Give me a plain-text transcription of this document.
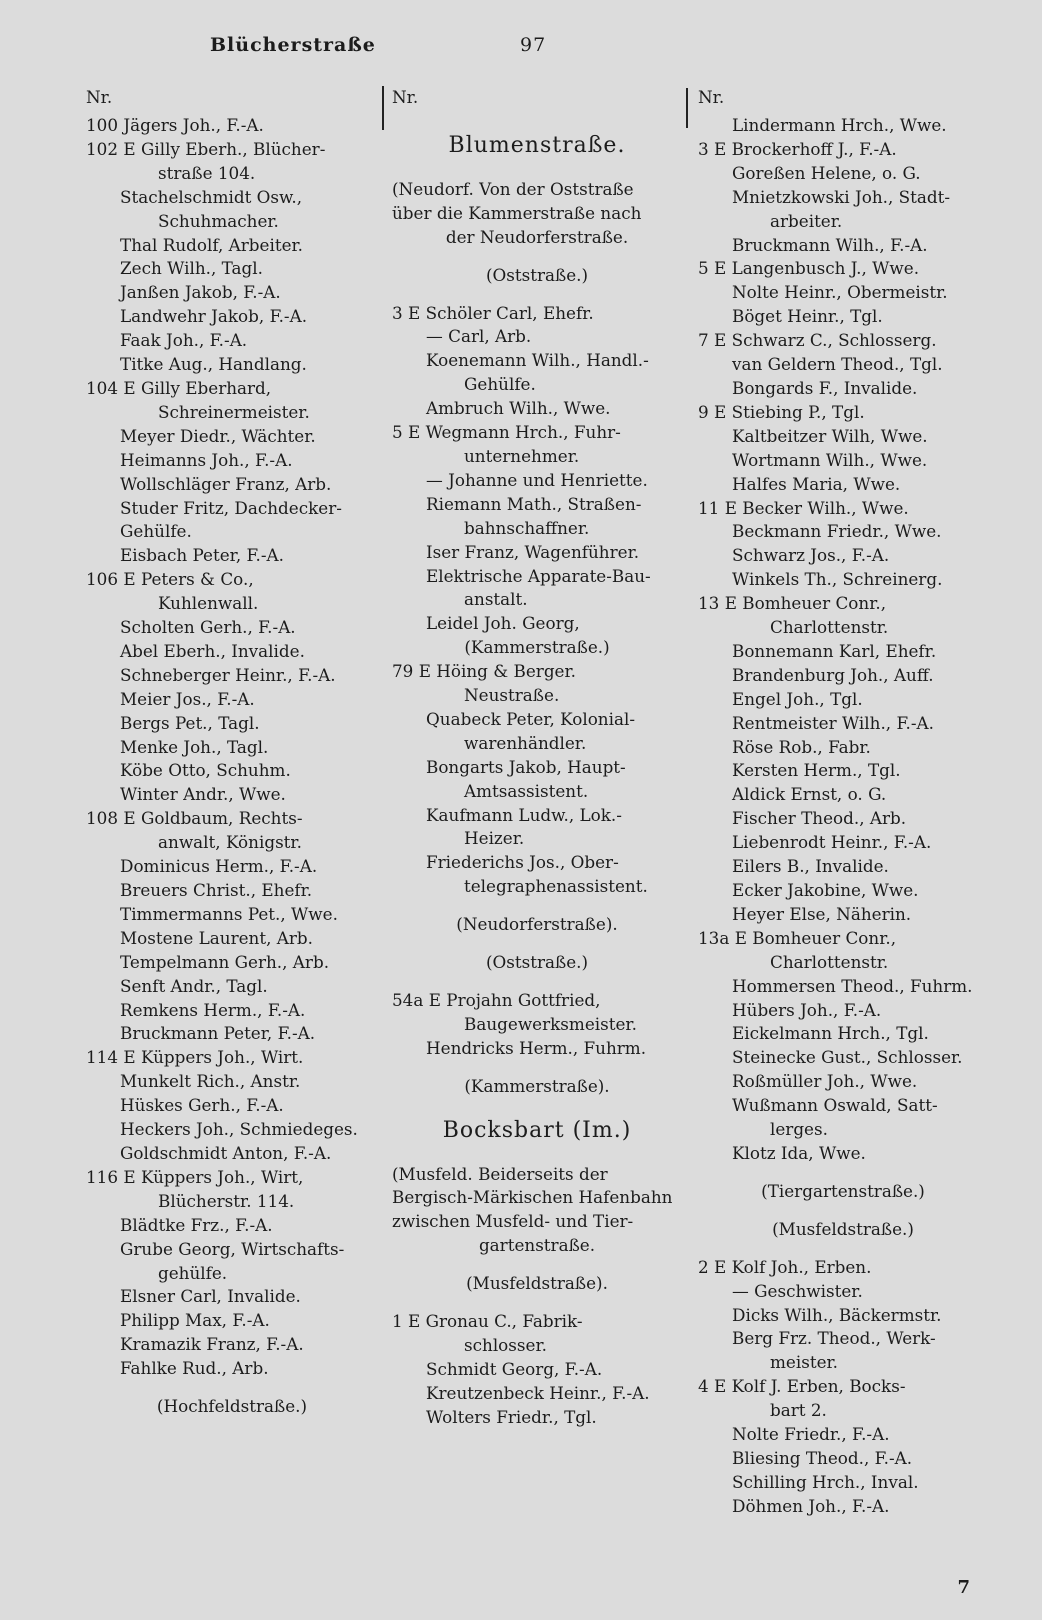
Blücherstraße	97
Nr.
100 Jägers Joh., F.-A.
102 E Gilly Eberh., Blücher-
straße 104.
Stachelschmidt Osw.,
Schuhmacher.
Thal Rudolf, Arbeiter.
Zech Wilh., Tagl.
Janßen Jakob, F.-A.
Landwehr Jakob, F.-A.
Faak Joh., F.-A.
Titke Aug., Handlang.
104 E Gilly Eberhard,
Schreinermeister.
Meyer Diedr., Wächter.
Heimanns Joh., F.-A.
Wollschläger Franz, Arb.
Studer Fritz, Dachdecker-
Gehülfe.
Eisbach Peter, F.-A.
106 E Peters & Co.,
Kuhlenwall.
Scholten Gerh., F.-A.
Abel Eberh., Invalide.
Schneberger Heinr., F.-A.
Meier Jos., F.-A.
Bergs Pet., Tagl.
Menke Joh., Tagl.
Köbe Otto, Schuhm.
Winter Andr., Wwe.
108 E Goldbaum, Rechts-
anwalt, Königstr.
Dominicus Herm., F.-A.
Breuers Christ., Ehefr.
Timmermanns Pet., Wwe.
Mostene Laurent, Arb.
Tempelmann Gerh., Arb.
Senft Andr., Tagl.
Remkens Herm., F.-A.
Bruckmann Peter, F.-A.
114 E Küppers Joh., Wirt.
Munkelt Rich., Anstr.
Hüskes Gerh., F.-A.
Heckers Joh., Schmiedeges.
Goldschmidt Anton, F.-A.
116 E Küppers Joh., Wirt,
Blücherstr. 114.
Blädtke Frz., F.-A.
Grube Georg, Wirtschafts-
gehülfe.
Elsner Carl, Invalide.
Philipp Max, F.-A.
Kramazik Franz, F.-A.
Fahlke Rud., Arb.
(Hochfeldstraße.)
Nr.
Blumenstraße.
(Neudorf. Von der Oststraße
über die Kammerstraße nach
der Neudorferstraße.
(Oststraße.)
3 E Schöler Carl, Ehefr.
— Carl, Arb.
Koenemann Wilh., Handl.-
Gehülfe.
Ambruch Wilh., Wwe.
5 E Wegmann Hrch., Fuhr-
unternehmer.
— Johanne und Henriette.
Riemann Math., Straßen-
bahnschaffner.
Iser Franz, Wagenführer.
Elektrische Apparate-Bau-
anstalt.
Leidel Joh. Georg,
(Kammerstraße.)
79 E Höing & Berger.
Neustraße.
Quabeck Peter, Kolonial-
warenhändler.
Bongarts Jakob, Haupt-
Amtsassistent.
Kaufmann Ludw., Lok.-
Heizer.
Friederichs Jos., Ober-
telegraphenassistent.
(Neudorferstraße).
(Oststraße.)
54a E Projahn Gottfried,
Baugewerksmeister.
Hendricks Herm., Fuhrm.
(Kammerstraße).
Bocksbart (Im.)
(Musfeld. Beiderseits der
Bergisch-Märkischen Hafenbahn
zwischen Musfeld- und Tier-
gartenstraße.
(Musfeldstraße).
1 E Gronau C., Fabrik-
schlosser.
Schmidt Georg, F.-A.
Kreutzenbeck Heinr., F.-A.
Wolters Friedr., Tgl.
Nr.
Lindermann Hrch., Wwe.
3 E Brockerhoff J., F.-A.
Goreßen Helene, o. G.
Mnietzkowski Joh., Stadt-
arbeiter.
Bruckmann Wilh., F.-A.
5 E Langenbusch J., Wwe.
Nolte Heinr., Obermeistr.
Böget Heinr., Tgl.
7 E Schwarz C., Schlosserg.
van Geldern Theod., Tgl.
Bongards F., Invalide.
9 E Stiebing P., Tgl.
Kaltbeitzer Wilh, Wwe.
Wortmann Wilh., Wwe.
Halfes Maria, Wwe.
11 E Becker Wilh., Wwe.
Beckmann Friedr., Wwe.
Schwarz Jos., F.-A.
Winkels Th., Schreinerg.
13 E Bomheuer Conr.,
Charlottenstr.
Bonnemann Karl, Ehefr.
Brandenburg Joh., Auff.
Engel Joh., Tgl.
Rentmeister Wilh., F.-A.
Röse Rob., Fabr.
Kersten Herm., Tgl.
Aldick Ernst, o. G.
Fischer Theod., Arb.
Liebenrodt Heinr., F.-A.
Eilers B., Invalide.
Ecker Jakobine, Wwe.
Heyer Else, Näherin.
13a E Bomheuer Conr.,
Charlottenstr.
Hommersen Theod., Fuhrm.
Hübers Joh., F.-A.
Eickelmann Hrch., Tgl.
Steinecke Gust., Schlosser.
Roßmüller Joh., Wwe.
Wußmann Oswald, Satt-
lerges.
Klotz Ida, Wwe.
(Tiergartenstraße.)
(Musfeldstraße.)
2 E Kolf Joh., Erben.
— Geschwister.
Dicks Wilh., Bäckermstr.
Berg Frz. Theod., Werk-
meister.
4 E Kolf J. Erben, Bocks-
bart 2.
Nolte Friedr., F.-A.
Bliesing Theod., F.-A.
Schilling Hrch., Inval.
Döhmen Joh., F.-A.
7
